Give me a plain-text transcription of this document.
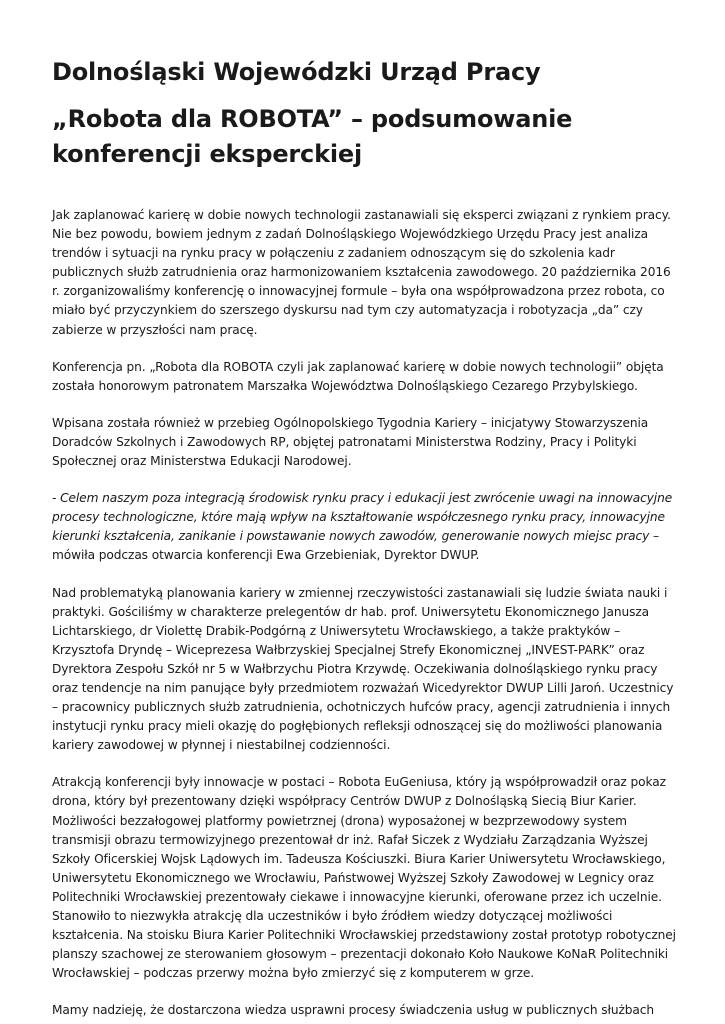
Dolnośląski Wojewódzki Urząd Pracy
„Robota dla ROBOTA” – podsumowanie konferencji eksperckiej

Jak zaplanować karierę w dobie nowych technologii zastanawiali się eksperci związani z rynkiem pracy. Nie bez powodu, bowiem jednym z zadań Dolnośląskiego Wojewódzkiego Urzędu Pracy jest analiza trendów i sytuacji na rynku pracy w połączeniu z zadaniem odnoszącym się do szkolenia kadr publicznych służb zatrudnienia oraz harmonizowaniem kształcenia zawodowego. 20 października 2016 r. zorganizowaliśmy konferencję o innowacyjnej formule – była ona współprowadzona przez robota, co miało być przyczynkiem do szerszego dyskursu nad tym czy automatyzacja i robotyzacja „da” czy zabierze w przyszłości nam pracę.

Konferencja pn. „Robota dla ROBOTA czyli jak zaplanować karierę w dobie nowych technologii” objęta została honorowym patronatem Marszałka Województwa Dolnośląskiego Cezarego Przybylskiego.

Wpisana została również w przebieg Ogólnopolskiego Tygodnia Kariery – inicjatywy Stowarzyszenia Doradców Szkolnych i Zawodowych RP, objętej patronatami Ministerstwa Rodziny, Pracy i Polityki Społecznej oraz Ministerstwa Edukacji Narodowej.

- Celem naszym poza integracją środowisk rynku pracy i edukacji jest zwrócenie uwagi na innowacyjne procesy technologiczne, które mają wpływ na kształtowanie współczesnego rynku pracy, innowacyjne kierunki kształcenia, zanikanie i powstawanie nowych zawodów, generowanie nowych miejsc pracy – mówiła podczas otwarcia konferencji Ewa Grzebieniak, Dyrektor DWUP.

Nad problematyką planowania kariery w zmiennej rzeczywistości zastanawiali się ludzie świata nauki i praktyki. Gościliśmy w charakterze prelegentów dr hab. prof. Uniwersytetu Ekonomicznego Janusza Lichtarskiego, dr Violettę Drabik-Podgórną z Uniwersytetu Wrocławskiego, a także praktyków –Krzysztofa Dryndę – Wiceprezesa Wałbrzyskiej Specjalnej Strefy Ekonomicznej „INVEST-PARK” oraz Dyrektora Zespołu Szkół nr 5 w Wałbrzychu Piotra Krzywdę. Oczekiwania dolnośląskiego rynku pracy oraz tendencje na nim panujące były przedmiotem rozważań Wicedyrektor DWUP Lilli Jaroń. Uczestnicy – pracownicy publicznych służb zatrudnienia, ochotniczych hufców pracy, agencji zatrudnienia i innych instytucji rynku pracy mieli okazję do pogłębionych refleksji odnoszącej się do możliwości planowania kariery zawodowej w płynnej i niestabilnej codzienności.

Atrakcją konferencji były innowacje w postaci – Robota EuGeniusa, który ją współprowadził oraz pokaz drona, który był prezentowany dzięki współpracy Centrów DWUP z Dolnośląską Siecią Biur Karier. Możliwości bezzałogowej platformy powietrznej (drona) wyposażonej w bezprzewodowy system transmisji obrazu termowizyjnego prezentował dr inż. Rafał Siczek z Wydziału Zarządzania Wyższej Szkoły Oficerskiej Wojsk Lądowych im. Tadeusza Kościuszki. Biura Karier Uniwersytetu Wrocławskiego, Uniwersytetu Ekonomicznego we Wrocławiu, Państwowej Wyższej Szkoły Zawodowej w Legnicy oraz Politechniki Wrocławskiej prezentowały ciekawe i innowacyjne kierunki, oferowane przez ich uczelnie. Stanowiło to niezwykła atrakcję dla uczestników i było źródłem wiedzy dotyczącej możliwości kształcenia. Na stoisku Biura Karier Politechniki Wrocławskiej przedstawiony został prototyp robotycznej planszy szachowej ze sterowaniem głosowym – prezentacji dokonało Koło Naukowe KoNaR Politechniki Wrocławskiej – podczas przerwy można było zmierzyć się z komputerem w grze.

Mamy nadzieję, że dostarczona wiedza usprawni procesy świadczenia usług w publicznych służbach
